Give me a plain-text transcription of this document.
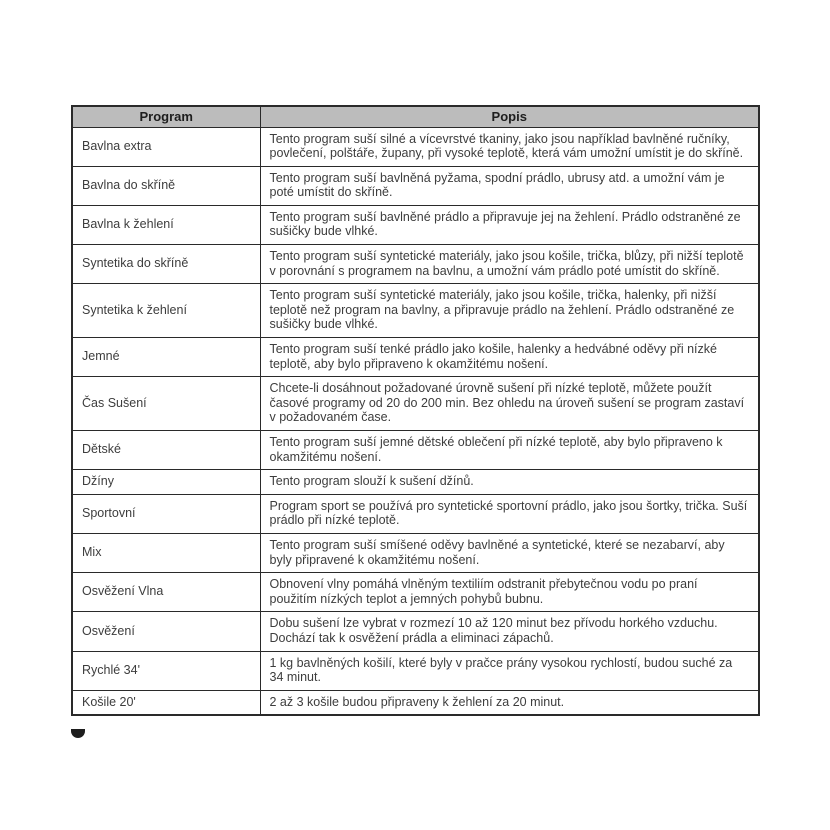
Program	Popis
Bavlna extra	Tento program suší silné a vícevrstvé tkaniny, jako jsou například bavlněné ručníky, povlečení, polštáře, župany, při vysoké teplotě, která vám umožní umístit je do skříně.
Bavlna do skříně	Tento program suší bavlněná pyžama, spodní prádlo, ubrusy atd. a umožní vám je poté umístit do skříně.
Bavlna k žehlení	Tento program suší bavlněné prádlo a připravuje jej na žehlení. Prádlo odstraněné ze sušičky bude vlhké.
Syntetika do skříně	Tento program suší syntetické materiály, jako jsou košile, trička, blůzy, při nižší teplotě v porovnání s programem na bavlnu, a umožní vám prádlo poté umístit do skříně.
Syntetika k žehlení	Tento program suší syntetické materiály, jako jsou košile, trička, halenky, při nižší teplotě než program na bavlny, a připravuje prádlo na žehlení. Prádlo odstraněné ze sušičky bude vlhké.
Jemné	Tento program suší tenké prádlo jako košile, halenky a hedvábné oděvy při nízké teplotě, aby bylo připraveno k okamžitému nošení.
Čas Sušení	Chcete-li dosáhnout požadované úrovně sušení při nízké teplotě, můžete použít časové programy od 20 do 200 min. Bez ohledu na úroveň sušení se program zastaví v požadovaném čase.
Dětské	Tento program suší jemné dětské oblečení při nízké teplotě, aby bylo připraveno k okamžitému nošení.
Džíny	Tento program slouží k sušení džínů.
Sportovní	Program sport se používá pro syntetické sportovní prádlo, jako jsou šortky, trička. Suší prádlo při nízké teplotě.
Mix	Tento program suší smíšené oděvy bavlněné a syntetické, které se nezabarví, aby byly připravené k okamžitému nošení.
Osvěžení Vlna	Obnovení vlny pomáhá vlněným textiliím odstranit přebytečnou vodu po praní použitím nízkých teplot a jemných pohybů bubnu.
Osvěžení	Dobu sušení lze vybrat v rozmezí 10 až 120 minut bez přívodu horkého vzduchu. Dochází tak k osvěžení prádla a eliminaci zápachů.
Rychlé 34'	1 kg bavlněných košilí, které byly v pračce prány vysokou rychlostí, budou suché za 34 minut.
Košile 20'	2 až 3 košile budou připraveny k žehlení za 20 minut.
